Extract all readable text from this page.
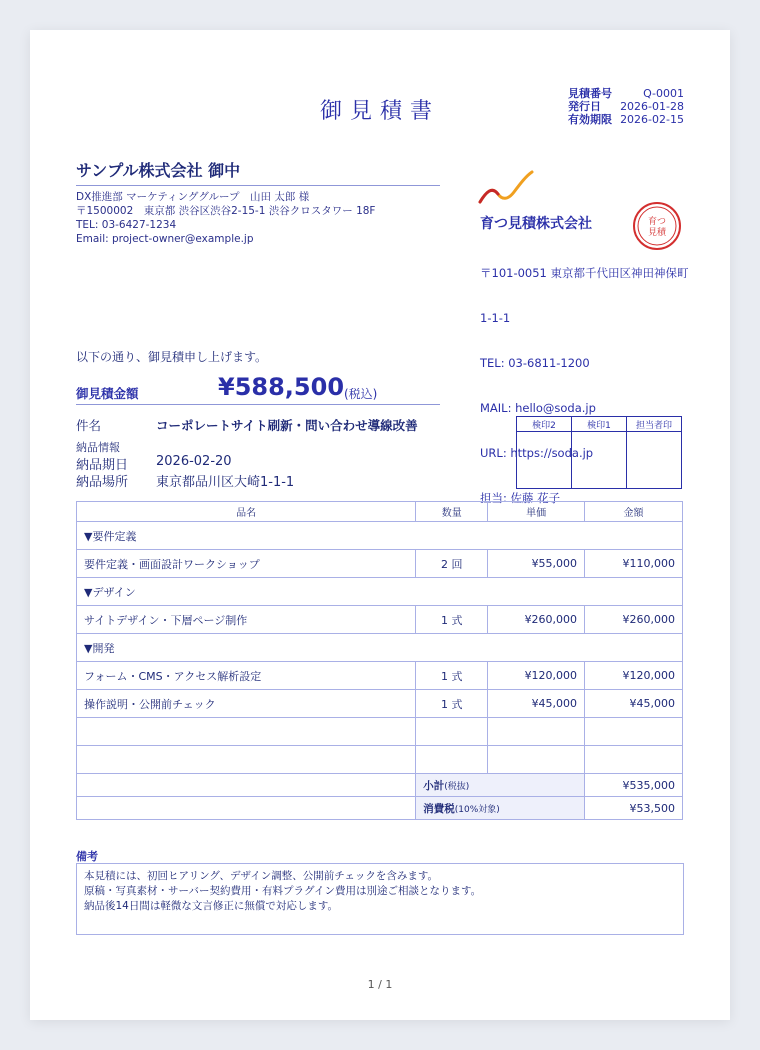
御見積書
見積番号	Q-0001
発行日 2026-01-28
有効期限 2026-02-15
サンプル株式会社 御中
DX推進部 マーケティンググループ　山田 太郎 様
〒1500002　東京都 渋谷区渋谷2-15-1 渋谷クロスタワー 18F
TEL: 03-6427-1234
Email: project-owner@example.jp
育つ見積株式会社

〒101-0051 東京都千代田区神田神保町

1-1-1

TEL: 03-6811-1200

MAIL: hello@soda.jp

URL: https://soda.jp

担当: 佐藤 花子

育つ
見積
以下の通り、御見積申し上げます。
御見積金額	¥588,500 (税込)
件名	コーポレートサイト刷新・問い合わせ導線改善
納品情報
納品期日 2026-02-20
納品場所 東京都品川区大崎1-1-1
検印2	検印1	担当者印

品名	数量	単価	金額
▼要件定義			
要件定義・画面設計ワークショップ	2 回	¥55,000	¥110,000
▼デザイン			
サイトデザイン・下層ページ制作	1 式	¥260,000	¥260,000
▼開発			
フォーム・CMS・アクセス解析設定	1 式	¥120,000	¥120,000
操作説明・公開前チェック	1 式	¥45,000	¥45,000

	小計(税抜)		¥535,000
	消費税(10%対象)		¥53,500
備考
本見積には、初回ヒアリング、デザイン調整、公開前チェックを含みます。
原稿・写真素材・サーバー契約費用・有料プラグイン費用は別途ご相談となります。
納品後14日間は軽微な文言修正に無償で対応します。
1 / 1
